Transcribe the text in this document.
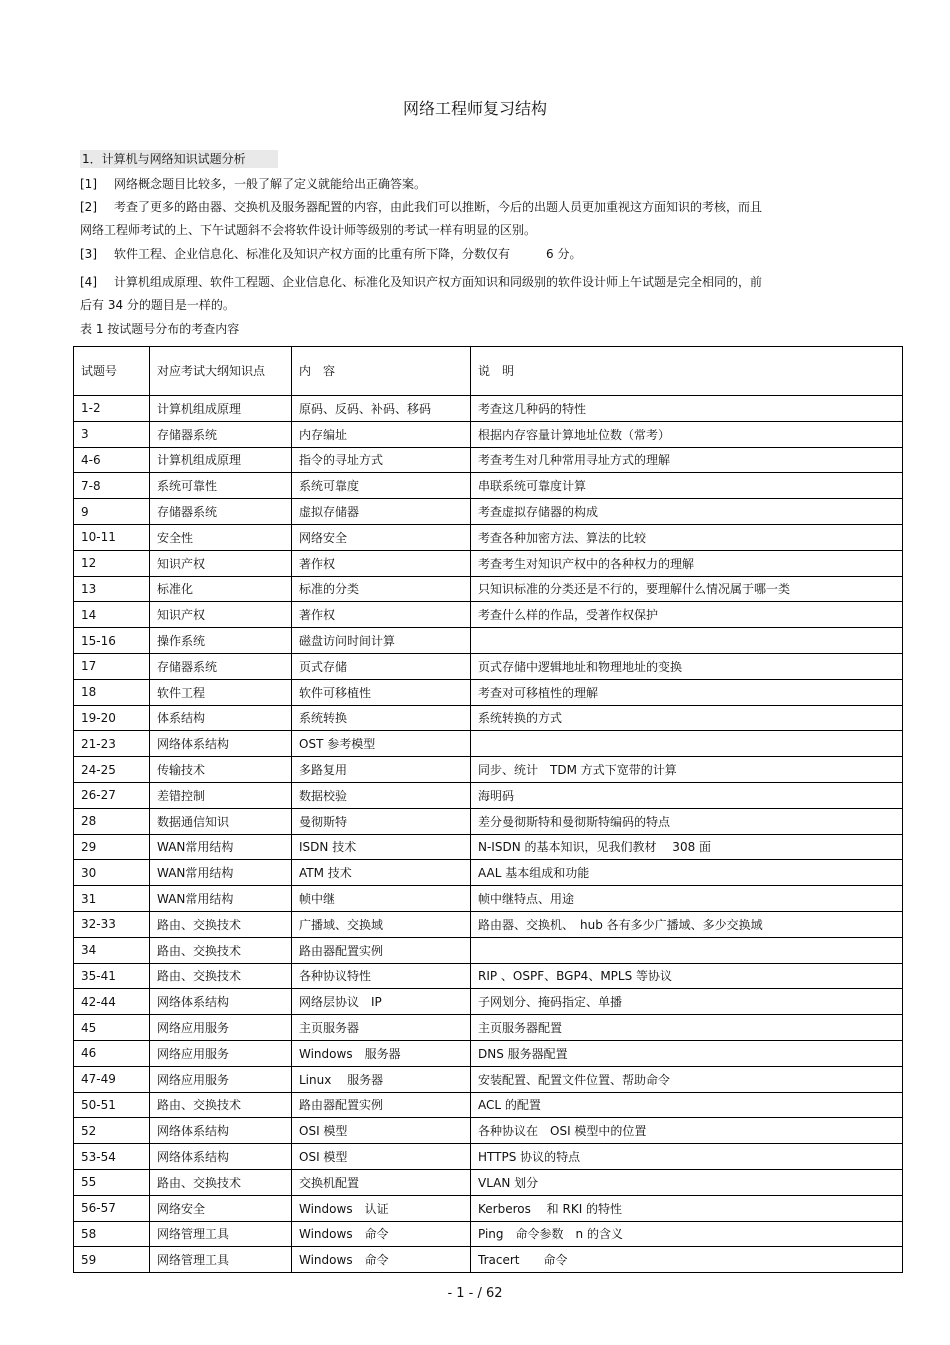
网络工程师复习结构
1．计算机与网络知识试题分析
[1] 网络概念题目比较多，一般了解了定义就能给出正确答案。
[2] 考查了更多的路由器、交换机及服务器配置的内容，由此我们可以推断，今后的出题人员更加重视这方面知识的考核，而且
网络工程师考试的上、下午试题斜不会将软件设计师等级别的考试一样有明显的区别。
[3] 软件工程、企业信息化、标准化及知识产权方面的比重有所下降，分数仅有　　　6 分。
[4] 计算机组成原理、软件工程题、企业信息化、标准化及知识产权方面知识和同级别的软件设计师上午试题是完全相同的，前
后有 34 分的题目是一样的。
表 1 按试题号分布的考查内容
试题号	对应考试大纲知识点	内　容	说　明
1-2	计算机组成原理	原码、反码、补码、移码	考查这几种码的特性
3	存储器系统	内存编址	根据内存容量计算地址位数（常考）
4-6	计算机组成原理	指令的寻址方式	考查考生对几种常用寻址方式的理解
7-8	系统可靠性	系统可靠度	串联系统可靠度计算
9	存储器系统	虚拟存储器	考查虚拟存储器的构成
10-11	安全性	网络安全	考查各种加密方法、算法的比较
12	知识产权	著作权	考查考生对知识产权中的各种权力的理解
13	标准化	标准的分类	只知识标准的分类还是不行的，要理解什么情况属于哪一类
14	知识产权	著作权	考查什么样的作品，受著作权保护
15-16	操作系统	磁盘访问时间计算	
17	存储器系统	页式存储	页式存储中逻辑地址和物理地址的变换
18	软件工程	软件可移植性	考查对可移植性的理解
19-20	体系结构	系统转换	系统转换的方式
21-23	网络体系结构	OST 参考模型	
24-25	传输技术	多路复用	同步、统计　TDM 方式下宽带的计算
26-27	差错控制	数据校验	海明码
28	数据通信知识	曼彻斯特	差分曼彻斯特和曼彻斯特编码的特点
29	WAN常用结构	ISDN 技术	N-ISDN 的基本知识，见我们教材　 308 面
30	WAN常用结构	ATM 技术	AAL 基本组成和功能
31	WAN常用结构	帧中继	帧中继特点、用途
32-33	路由、交换技术	广播域、交换域	路由器、交换机、　hub 各有多少广播域、多少交换域
34	路由、交换技术	路由器配置实例	
35-41	路由、交换技术	各种协议特性	RIP 、OSPF、BGP4、MPLS 等协议
42-44	网络体系结构	网络层协议　IP	子网划分、掩码指定、单播
45	网络应用服务	主页服务器	主页服务器配置
46	网络应用服务	Windows　服务器	DNS 服务器配置
47-49	网络应用服务	Linux　 服务器	安装配置、配置文件位置、帮助命令
50-51	路由、交换技术	路由器配置实例	ACL 的配置
52	网络体系结构	OSI 模型	各种协议在　OSI 模型中的位置
53-54	网络体系结构	OSI 模型	HTTPS 协议的特点
55	路由、交换技术	交换机配置	VLAN 划分
56-57	网络安全	Windows　认证	Kerberos　 和 RKI 的特性
58	网络管理工具	Windows　命令	Ping　命令参数　n 的含义
59	网络管理工具	Windows　命令	Tracert　　命令
- 1 - / 62
